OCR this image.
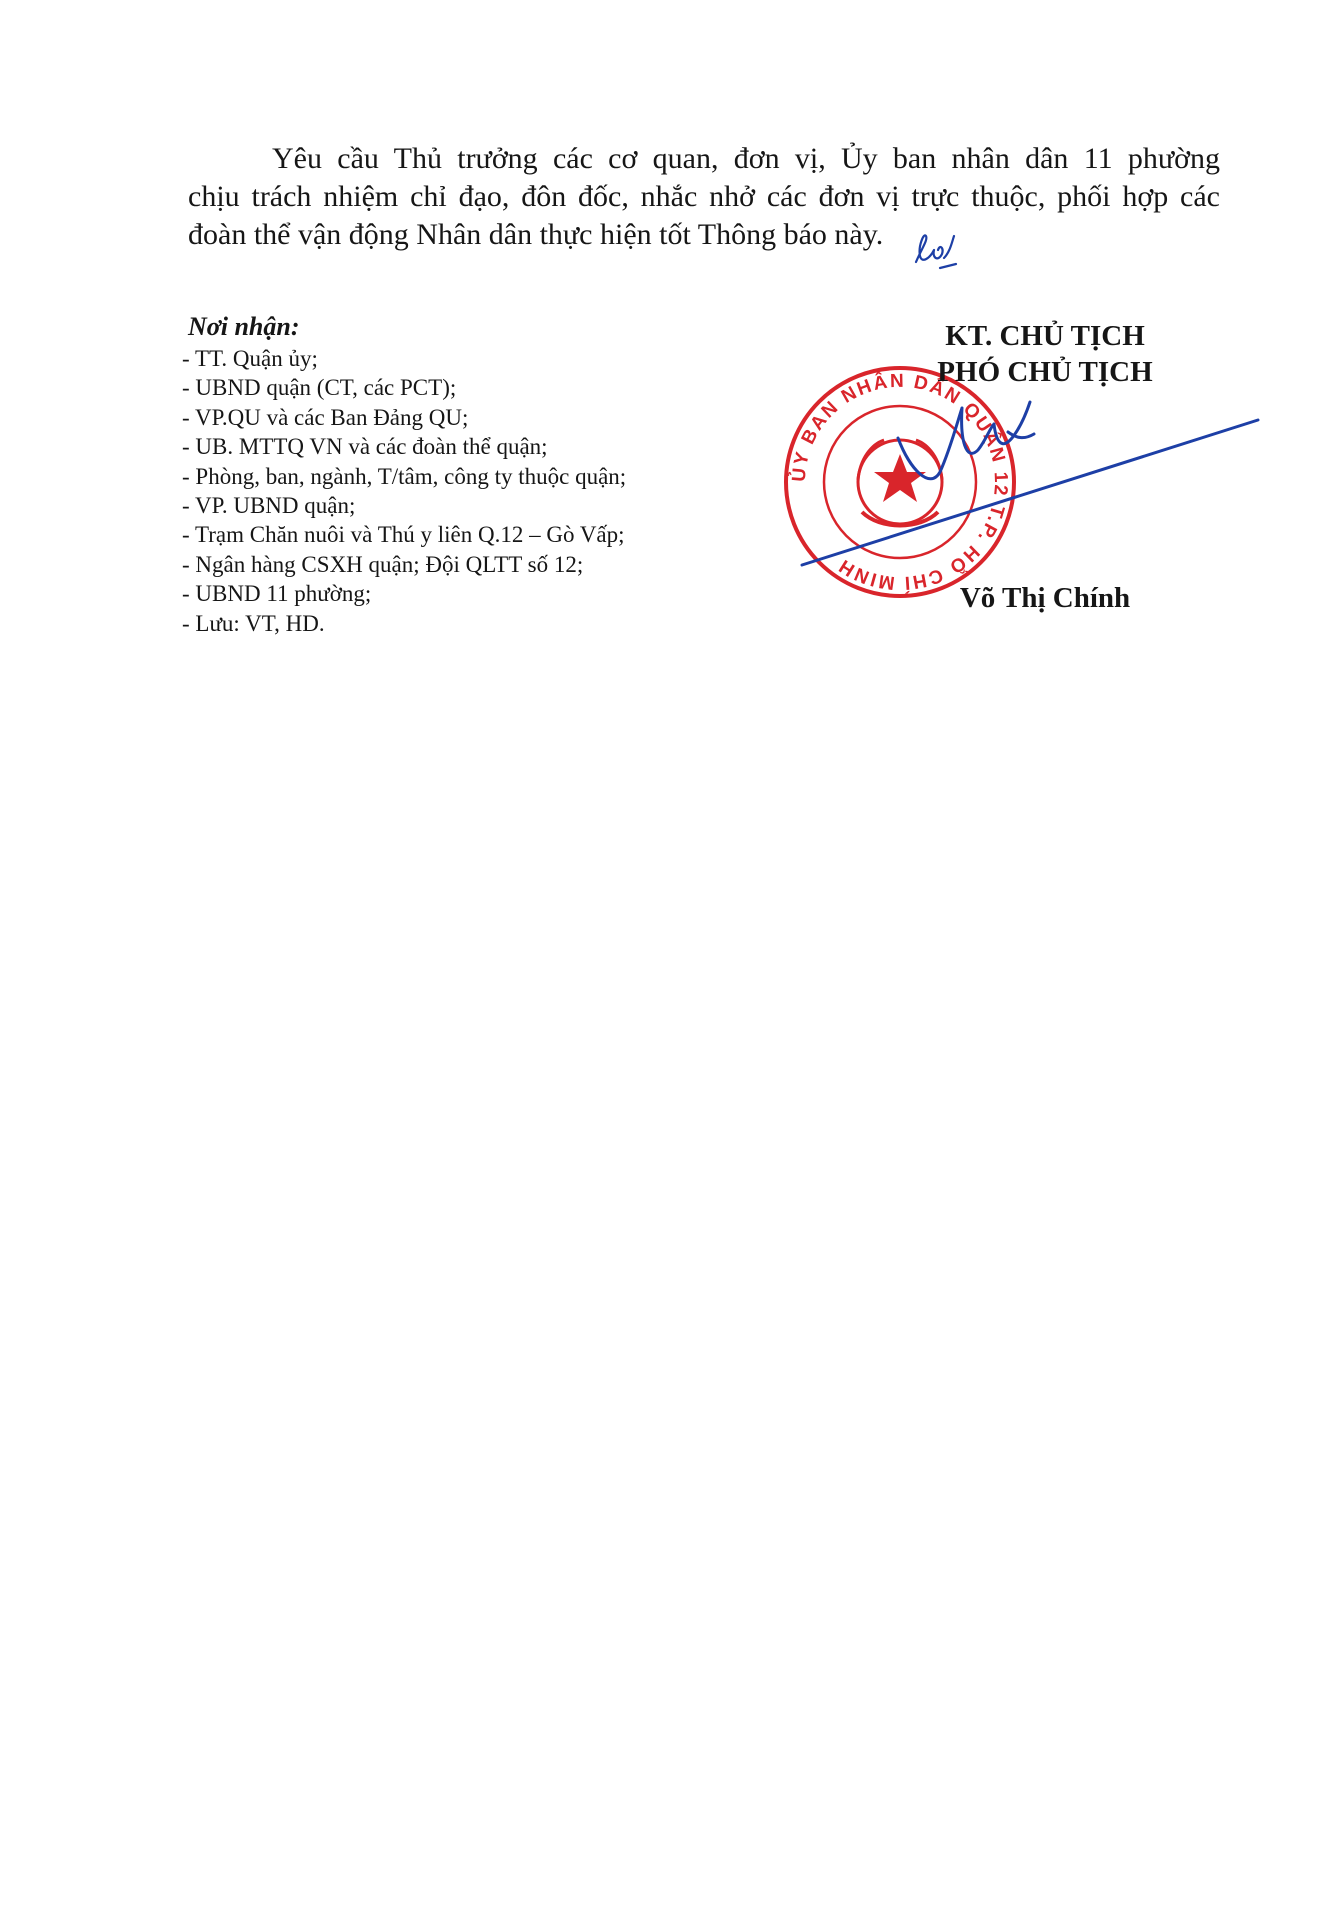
Yêu cầu Thủ trưởng các cơ quan, đơn vị, Ủy ban nhân dân 11 phường
chịu trách nhiệm chỉ đạo, đôn đốc, nhắc nhở các đơn vị trực thuộc, phối hợp các
đoàn thể vận động Nhân dân thực hiện tốt Thông báo này.
Nơi nhận:
- TT. Quận ủy;
- UBND quận (CT, các PCT);
- VP.QU và các Ban Đảng QU;
- UB. MTTQ VN và các đoàn thể quận;
- Phòng, ban, ngành, T/tâm, công ty thuộc quận;
- VP. UBND quận;
- Trạm Chăn nuôi và Thú y liên Q.12 – Gò Vấp;
- Ngân hàng CSXH quận; Đội QLTT số 12;
- UBND 11 phường;
- Lưu: VT, HD.
ỦY BAN NHÂN DÂN QUẬN 12 T.P. HỒ CHÍ MINH
KT. CHỦ TỊCH
PHÓ CHỦ TỊCH
Võ Thị Chính
